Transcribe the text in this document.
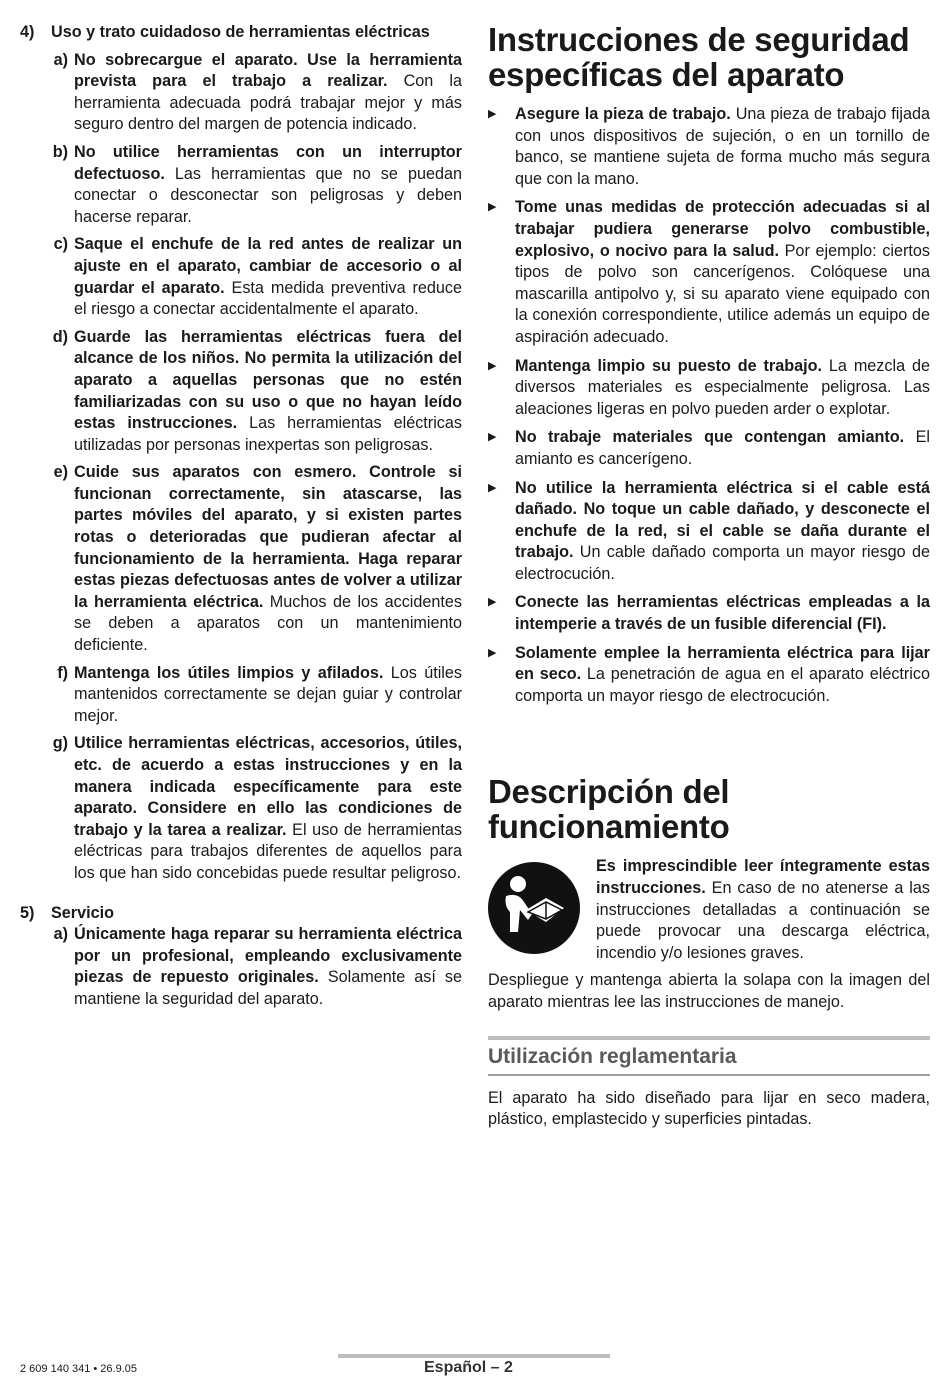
4)	Uso y trato cuidadoso de herramientas eléctricas
a) No sobrecargue el aparato. Use la herramienta prevista para el trabajo a realizar. Con la herramienta adecuada podrá trabajar mejor y más seguro dentro del margen de potencia indicado.

b) No utilice herramientas con un interruptor defectuoso. Las herramientas que no se puedan conectar o desconectar son peligrosas y deben hacerse reparar.

c) Saque el enchufe de la red antes de realizar un ajuste en el aparato, cambiar de accesorio o al guardar el aparato. Esta medida preventiva reduce el riesgo a conectar accidentalmente el aparato.

d) Guarde las herramientas eléctricas fuera del alcance de los niños. No permita la utilización del aparato a aquellas personas que no estén familiarizadas con su uso o que no hayan leído estas instrucciones. Las herramientas eléctricas utilizadas por personas inexpertas son peligrosas.

e) Cuide sus aparatos con esmero. Controle si funcionan correctamente, sin atascarse, las partes móviles del aparato, y si existen partes rotas o deterioradas que pudieran afectar al funcionamiento de la herramienta. Haga reparar estas piezas defectuosas antes de volver a utilizar la herramienta eléctrica. Muchos de los accidentes se deben a aparatos con un mantenimiento deficiente.

f) Mantenga los útiles limpios y afilados. Los útiles mantenidos correctamente se dejan guiar y controlar mejor.

g) Utilice herramientas eléctricas, accesorios, útiles, etc. de acuerdo a estas instrucciones y en la manera indicada específicamente para este aparato. Considere en ello las condiciones de trabajo y la tarea a realizar. El uso de herramientas eléctricas para trabajos diferentes de aquellos para los que han sido concebidas puede resultar peligroso.

5)	Servicio
a) Únicamente haga reparar su herramienta eléctrica por un profesional, empleando exclusivamente piezas de repuesto originales. Solamente así se mantiene la seguridad del aparato.

Instrucciones de seguridad específicas del aparato
▶	Asegure la pieza de trabajo. Una pieza de trabajo fijada con unos dispositivos de sujeción, o en un tornillo de banco, se mantiene sujeta de forma mucho más segura que con la mano.

▶	Tome unas medidas de protección adecuadas si al trabajar pudiera generarse polvo combustible, explosivo, o nocivo para la salud. Por ejemplo: ciertos tipos de polvo son cancerígenos. Colóquese una mascarilla antipolvo y, si su aparato viene equipado con la conexión correspondiente, utilice además un equipo de aspiración adecuado.

▶	Mantenga limpio su puesto de trabajo. La mezcla de diversos materiales es especialmente peligrosa. Las aleaciones ligeras en polvo pueden arder o explotar.

▶	No trabaje materiales que contengan amianto. El amianto es cancerígeno.

▶	No utilice la herramienta eléctrica si el cable está dañado. No toque un cable dañado, y desconecte el enchufe de la red, si el cable se daña durante el trabajo. Un cable dañado comporta un mayor riesgo de electrocución.

▶	Conecte las herramientas eléctricas empleadas a la intemperie a través de un fusible diferencial (FI).

▶	Solamente emplee la herramienta eléctrica para lijar en seco. La penetración de agua en el aparato eléctrico comporta un mayor riesgo de electrocución.

Descripción del funcionamiento

Es imprescindible leer íntegramente estas instrucciones. En caso de no atenerse a las instrucciones detalladas a continuación se puede provocar una descarga eléctrica, incendio y/o lesiones graves.

Despliegue y mantenga abierta la solapa con la imagen del aparato mientras lee las instrucciones de manejo.

Utilización reglamentaria

El aparato ha sido diseñado para lijar en seco madera, plástico, emplastecido y superficies pintadas.

2 609 140 341 • 26.9.05	Español – 2
